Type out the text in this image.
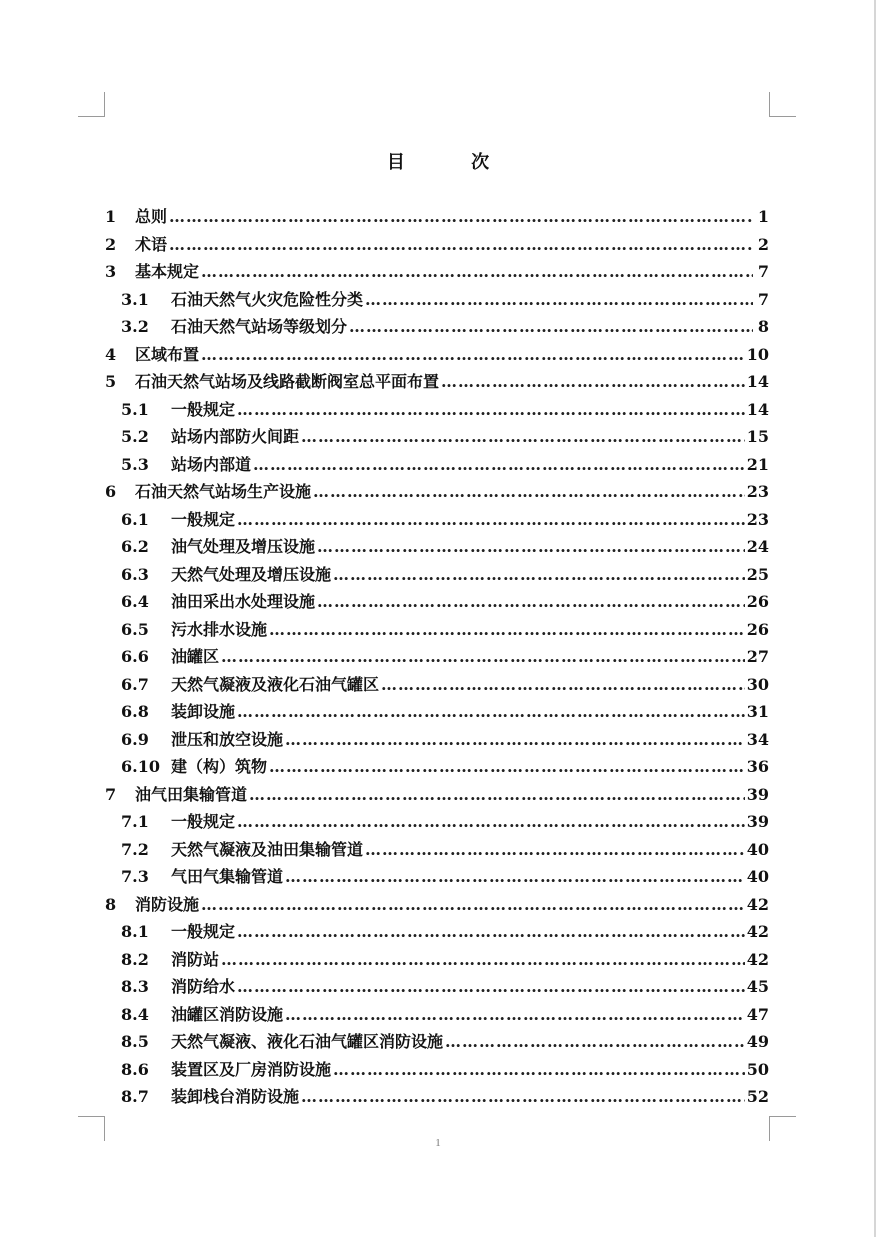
目 次
1	总则 ……………………………………………………………………………………………………………………………………………………	1
2	术语 ……………………………………………………………………………………………………………………………………………………	2
3	基本规定 ……………………………………………………………………………………………………………………………………………………	7
3.1	石油天然气火灾危险性分类 ……………………………………………………………………………………………………………………………………………………	7
3.2	石油天然气站场等级划分 ……………………………………………………………………………………………………………………………………………………	8
4	区域布置 ……………………………………………………………………………………………………………………………………………………	10
5	石油天然气站场及线路截断阀室总平面布置 ……………………………………………………………………………………………………………………………………………………	14
5.1	一般规定 ……………………………………………………………………………………………………………………………………………………	14
5.2	站场内部防火间距 ……………………………………………………………………………………………………………………………………………………	15
5.3	站场内部道 ……………………………………………………………………………………………………………………………………………………	21
6	石油天然气站场生产设施 ……………………………………………………………………………………………………………………………………………………	23
6.1	一般规定 ……………………………………………………………………………………………………………………………………………………	23
6.2	油气处理及增压设施 ……………………………………………………………………………………………………………………………………………………	24
6.3	天然气处理及增压设施 ……………………………………………………………………………………………………………………………………………………	25
6.4	油田采出水处理设施 ……………………………………………………………………………………………………………………………………………………	26
6.5	污水排水设施 ……………………………………………………………………………………………………………………………………………………	26
6.6	油罐区 ……………………………………………………………………………………………………………………………………………………	27
6.7	天然气凝液及液化石油气罐区 ……………………………………………………………………………………………………………………………………………………	30
6.8	装卸设施 ……………………………………………………………………………………………………………………………………………………	31
6.9	泄压和放空设施 ……………………………………………………………………………………………………………………………………………………	34
6.10 建（构）筑物 ……………………………………………………………………………………………………………………………………………………	36
7	油气田集输管道 ……………………………………………………………………………………………………………………………………………………	39
7.1	一般规定 ……………………………………………………………………………………………………………………………………………………	39
7.2	天然气凝液及油田集输管道 ……………………………………………………………………………………………………………………………………………………	40
7.3	气田气集输管道 ……………………………………………………………………………………………………………………………………………………	40
8	消防设施 ……………………………………………………………………………………………………………………………………………………	42
8.1	一般规定 ……………………………………………………………………………………………………………………………………………………	42
8.2	消防站 ……………………………………………………………………………………………………………………………………………………	42
8.3	消防给水 ……………………………………………………………………………………………………………………………………………………	45
8.4	油罐区消防设施 ……………………………………………………………………………………………………………………………………………………	47
8.5	天然气凝液、液化石油气罐区消防设施 ……………………………………………………………………………………………………………………………………………………	49
8.6	装置区及厂房消防设施 ……………………………………………………………………………………………………………………………………………………	50
8.7	装卸栈台消防设施 ……………………………………………………………………………………………………………………………………………………	52
1
